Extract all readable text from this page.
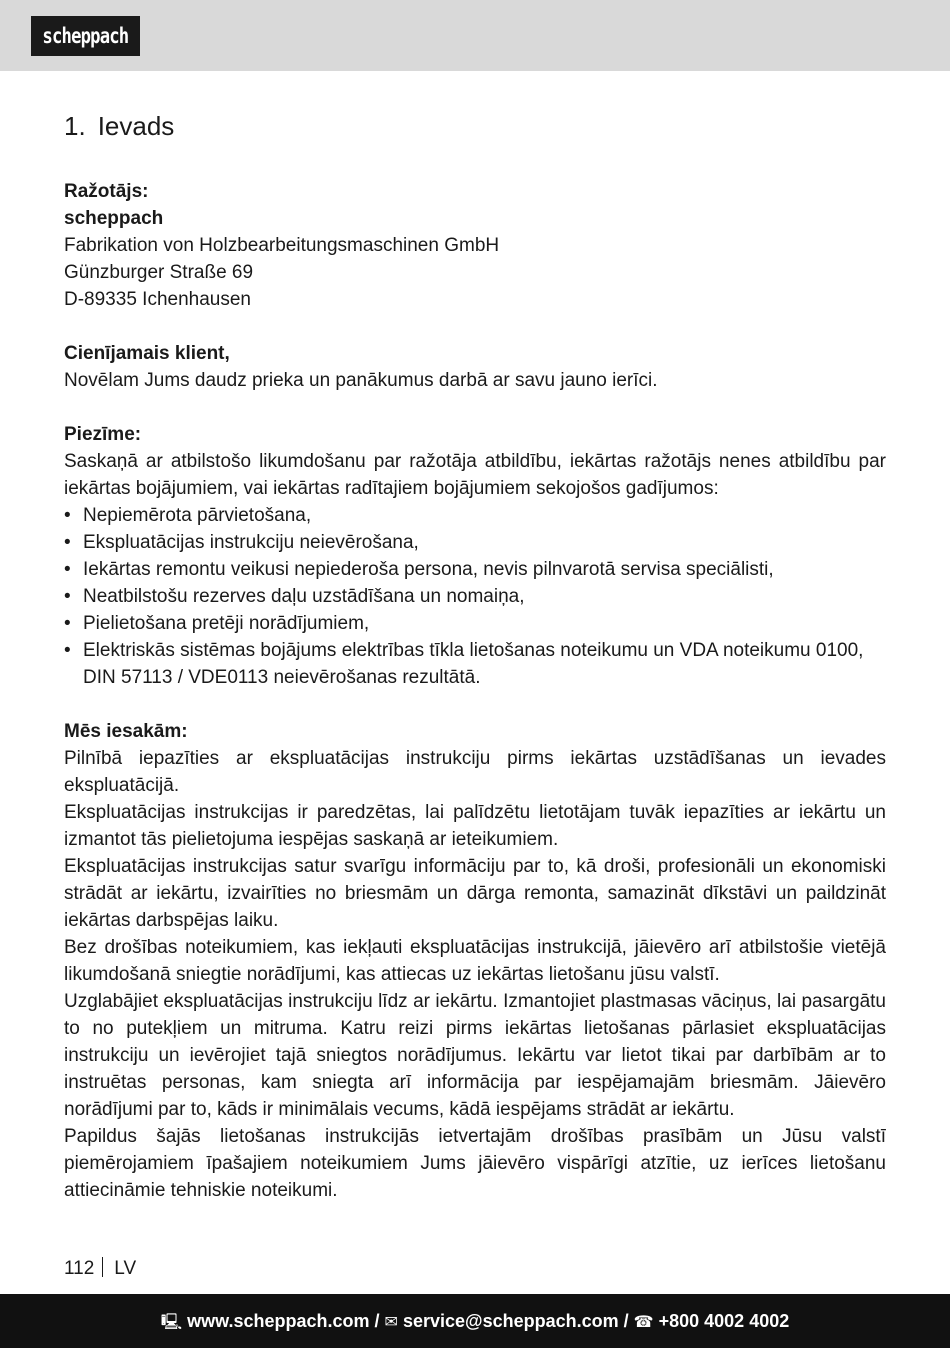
scheppach
1. Ievads

Ražotājs:

scheppach

Fabrikation von Holzbearbeitungsmaschinen GmbH

Günzburger Straße 69

D-89335 Ichenhausen

Cienījamais klient,

Novēlam Jums daudz prieka un panākumus darbā ar savu jauno ierīci.

Piezīme:

Saskaņā ar atbilstošo likumdošanu par ražotāja atbildību, iekārtas ražotājs nenes atbildību par iekārtas bojājumiem, vai iekārtas radītajiem bojājumiem sekojošos gadījumos:

• Nepiemērota pārvietošana,
• Ekspluatācijas instrukciju neievērošana,
• Iekārtas remontu veikusi nepiederoša persona, nevis pilnvarotā servisa speciālisti,
• Neatbilstošu rezerves daļu uzstādīšana un nomaiņa,
• Pielietošana pretēji norādījumiem,
• Elektriskās sistēmas bojājums elektrības tīkla lietošanas noteikumu un VDA noteikumu 0100, DIN 57113 / VDE0113 neievērošanas rezultātā.

Mēs iesakām:

Pilnībā iepazīties ar ekspluatācijas instrukciju pirms iekārtas uzstādīšanas un ievades ekspluatācijā.

Ekspluatācijas instrukcijas ir paredzētas, lai palīdzētu lietotājam tuvāk iepazīties ar iekārtu un izmantot tās pielietojuma iespējas saskaņā ar ieteikumiem.

Ekspluatācijas instrukcijas satur svarīgu informāciju par to, kā droši, profesionāli un ekonomiski strādāt ar iekārtu, izvairīties no briesmām un dārga remonta, samazināt dīkstāvi un paildzināt iekārtas darbspējas laiku.

Bez drošības noteikumiem, kas iekļauti ekspluatācijas instrukcijā, jāievēro arī atbilstošie vietējā likumdošanā sniegtie norādījumi, kas attiecas uz iekārtas lietošanu jūsu valstī.

Uzglabājiet ekspluatācijas instrukciju līdz ar iekārtu. Izmantojiet plastmasas vāciņus, lai pasargātu to no putekļiem un mitruma. Katru reizi pirms iekārtas lietošanas pārlasiet ekspluatācijas instrukciju un ievērojiet tajā sniegtos norādījumus. Iekārtu var lietot tikai par darbībām ar to instruētas personas, kam sniegta arī informācija par iespējamajām briesmām. Jāievēro norādījumi par to, kāds ir minimālais vecums, kādā iespējams strādāt ar iekārtu.

Papildus šajās lietošanas instrukcijās ietvertajām drošības prasībām un Jūsu valstī piemērojamiem īpašajiem noteikumiem Jums jāievēro vispārīgi atzītie, uz ierīces lietošanu attiecināmie tehniskie noteikumi.

112 LV
🖳 www.scheppach.com / ✉ service@scheppach.com / ☎ +800 4002 4002
